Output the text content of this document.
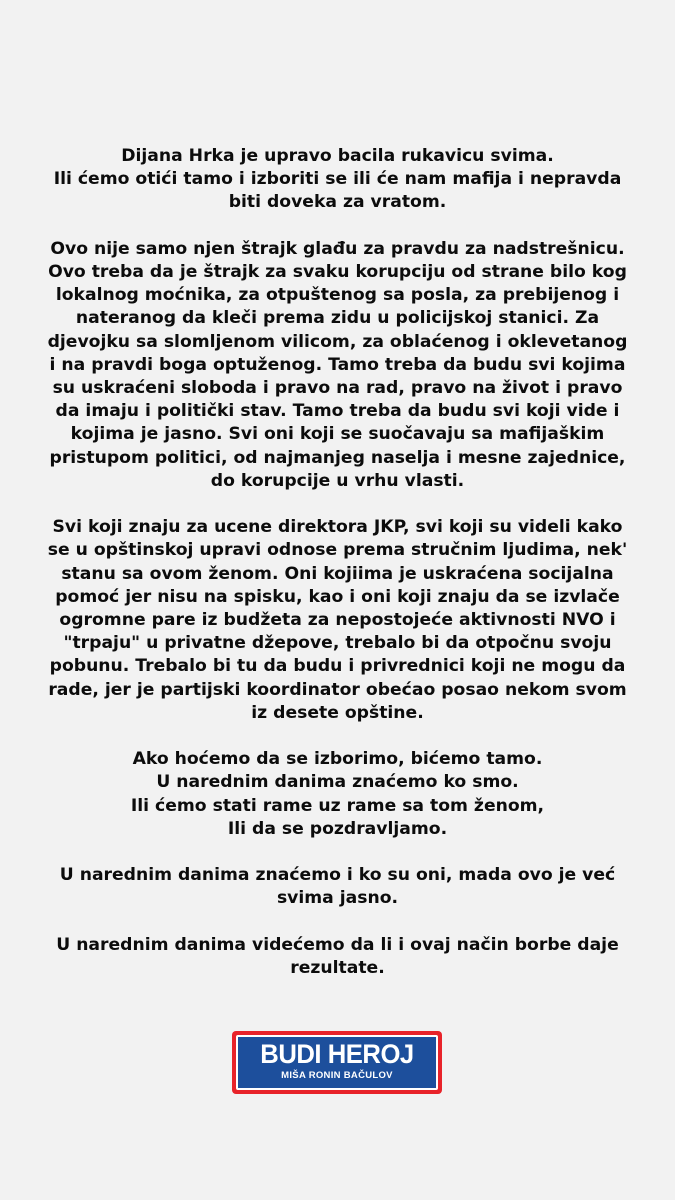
Dijana Hrka je upravo bacila rukavicu svima.
Ili ćemo otići tamo i izboriti se ili će nam mafija i nepravda
biti doveka za vratom.

Ovo nije samo njen štrajk glađu za pravdu za nadstrešnicu.
Ovo treba da je štrajk za svaku korupciju od strane bilo kog
lokalnog moćnika, za otpuštenog sa posla, za prebijenog i
nateranog da kleči prema zidu u policijskoj stanici. Za
djevojku sa slomljenom vilicom, za oblaćenog i oklevetanog
i na pravdi boga optuženog. Tamo treba da budu svi kojima
su uskraćeni sloboda i pravo na rad, pravo na život i pravo
da imaju i politički stav. Tamo treba da budu svi koji vide i
kojima je jasno. Svi oni koji se suočavaju sa mafijaškim
pristupom politici, od najmanjeg naselja i mesne zajednice,
do korupcije u vrhu vlasti.

Svi koji znaju za ucene direktora JKP, svi koji su videli kako
se u opštinskoj upravi odnose prema stručnim ljudima, nek'
stanu sa ovom ženom. Oni kojiima je uskraćena socijalna
pomoć jer nisu na spisku, kao i oni koji znaju da se izvlače
ogromne pare iz budžeta za nepostojeće aktivnosti NVO i
"trpaju" u privatne džepove, trebalo bi da otpočnu svoju
pobunu. Trebalo bi tu da budu i privrednici koji ne mogu da
rade, jer je partijski koordinator obećao posao nekom svom
iz desete opštine.

Ako hoćemo da se izborimo, bićemo tamo.
U narednim danima znaćemo ko smo.
Ili ćemo stati rame uz rame sa tom ženom,
Ili da se pozdravljamo.

U narednim danima znaćemo i ko su oni, mada ovo je već
svima jasno.

U narednim danima videćemo da li i ovaj način borbe daje
rezultate.

BUDI HEROJ
MIŠA RONIN BAČULOV
